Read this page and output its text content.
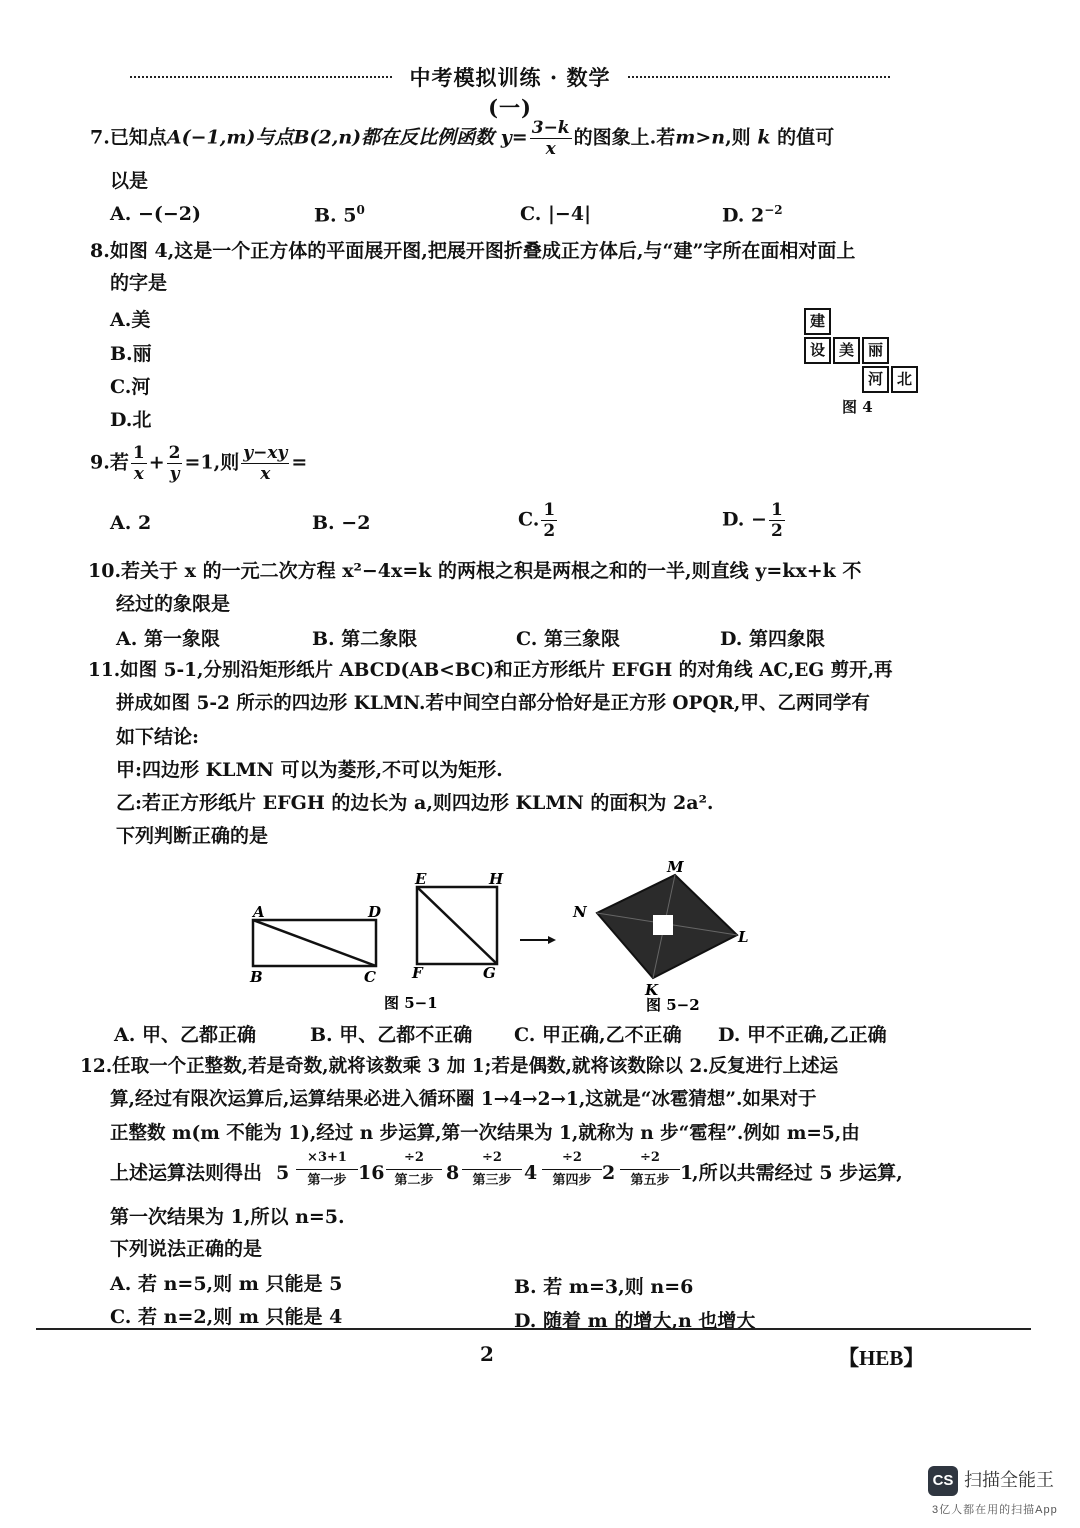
中考模拟训练 · 数学(一)
7.已知点A(−1,m)与点B(2,n)都在反比例函数 $y= \frac{3-k}{x}$ 的图象上.若m>n,则 k 的值可
以是
A. −(−2)	B. $5^0$	C. |−4|	D. $2^{-2}$
8.如图 4,这是一个正方体的平面展开图,把展开图折叠成正方体后,与“建”字所在面相对面上
的字是
A.美
B.丽
C.河
D.北
建
设 美 丽
河 北
图 4
9.若 $\frac{1}{x} + \frac{2}{y} =1$,则 $\frac{y-xy}{x}$ =
A. 2	B. −2	C. $\frac{1}{2}$	D. − $\frac{1}{2}$
10.若关于 x 的一元二次方程 x²−4x=k 的两根之积是两根之和的一半,则直线 y=kx+k 不
经过的象限是
A. 第一象限	B. 第二象限	C. 第三象限	D. 第四象限
11.如图 5-1,分别沿矩形纸片 ABCD(AB<BC)和正方形纸片 EFGH 的对角线 AC,EG 剪开,再
拼成如图 5-2 所示的四边形 KLMN.若中间空白部分恰好是正方形 OPQR,甲、乙两同学有
如下结论:
甲:四边形 KLMN 可以为菱形,不可以为矩形.
乙:若正方形纸片 EFGH 的边长为 a,则四边形 KLMN 的面积为 2a².
下列判断正确的是
A	D
B	C
E	H
F	G
M
N
L
K
图 5−1	图 5−2
A. 甲、乙都正确	B. 甲、乙都不正确 C. 甲正确,乙不正确 D. 甲不正确,乙正确
12.任取一个正整数,若是奇数,就将该数乘 3 加 1;若是偶数,就将该数除以 2.反复进行上述运
算,经过有限次运算后,运算结果必进入循环圈 1→4→2→1,这就是“冰雹猜想”.如果对于
正整数 m(m 不能为 1),经过 n 步运算,第一次结果为 1,就称为 n 步“雹程”.例如 m=5,由
上述运算法则得出 5
×3+1
第一步 16
÷2
第二步 8
÷2
第三步 4
÷2
第四步 2
÷2
第五步 1
,所以共需经过 5 步运算,
第一次结果为 1,所以 n=5.
下列说法正确的是
A. 若 n=5,则 m 只能是 5	B. 若 m=3,则 n=6
C. 若 n=2,则 m 只能是 4	D. 随着 m 的增大,n 也增大
2	【HEB】
CS 扫描全能王
3亿人都在用的扫描App
